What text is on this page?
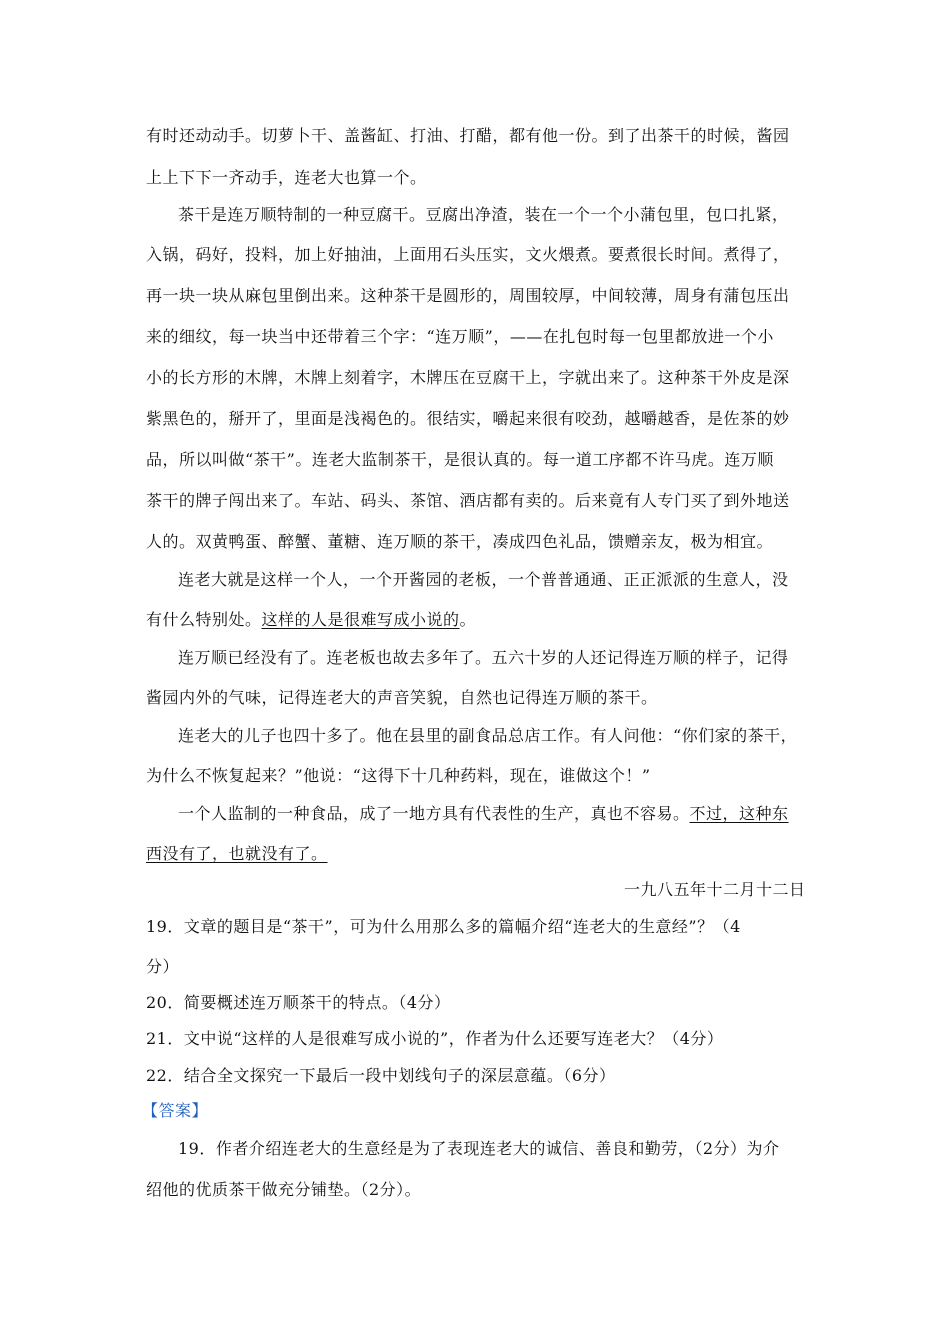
有时还动动手。切萝卜干、盖酱缸、打油、打醋，都有他一份。到了出茶干的时候，酱园
上上下下一齐动手，连老大也算一个。
茶干是连万顺特制的一种豆腐干。豆腐出净渣，装在一个一个小蒲包里，包口扎紧，
入锅，码好，投料，加上好抽油，上面用石头压实，文火煨煮。要煮很长时间。煮得了，
再一块一块从麻包里倒出来。这种茶干是圆形的，周围较厚，中间较薄，周身有蒲包压出
来的细纹，每一块当中还带着三个字：“连万顺”，——在扎包时每一包里都放进一个小
小的长方形的木牌，木牌上刻着字，木牌压在豆腐干上，字就出来了。这种茶干外皮是深
紫黑色的，掰开了，里面是浅褐色的。很结实，嚼起来很有咬劲，越嚼越香，是佐茶的妙
品，所以叫做“茶干”。连老大监制茶干，是很认真的。每一道工序都不许马虎。连万顺
茶干的牌子闯出来了。车站、码头、茶馆、酒店都有卖的。后来竟有人专门买了到外地送
人的。双黄鸭蛋、醉蟹、董糖、连万顺的茶干，凑成四色礼品，馈赠亲友，极为相宜。
连老大就是这样一个人，一个开酱园的老板，一个普普通通、正正派派的生意人，没
有什么特别处。这样的人是很难写成小说的。
连万顺已经没有了。连老板也故去多年了。五六十岁的人还记得连万顺的样子，记得
酱园内外的气味，记得连老大的声音笑貌，自然也记得连万顺的茶干。
连老大的儿子也四十多了。他在县里的副食品总店工作。有人问他：“你们家的茶干，
为什么不恢复起来？”他说：“这得下十几种药料，现在，谁做这个！”
一个人监制的一种食品，成了一地方具有代表性的生产，真也不容易。不过，这种东
西没有了，也就没有了。
一九八五年十二月十二日
19．文章的题目是“茶干”，可为什么用那么多的篇幅介绍“连老大的生意经”？（4
分）
20．简要概述连万顺茶干的特点。（4分）
21．文中说“这样的人是很难写成小说的”，作者为什么还要写连老大？（4分）
22．结合全文探究一下最后一段中划线句子的深层意蕴。（6分）
【答案】
19．作者介绍连老大的生意经是为了表现连老大的诚信、善良和勤劳，（2分）为介
绍他的优质茶干做充分铺垫。（2分）。
